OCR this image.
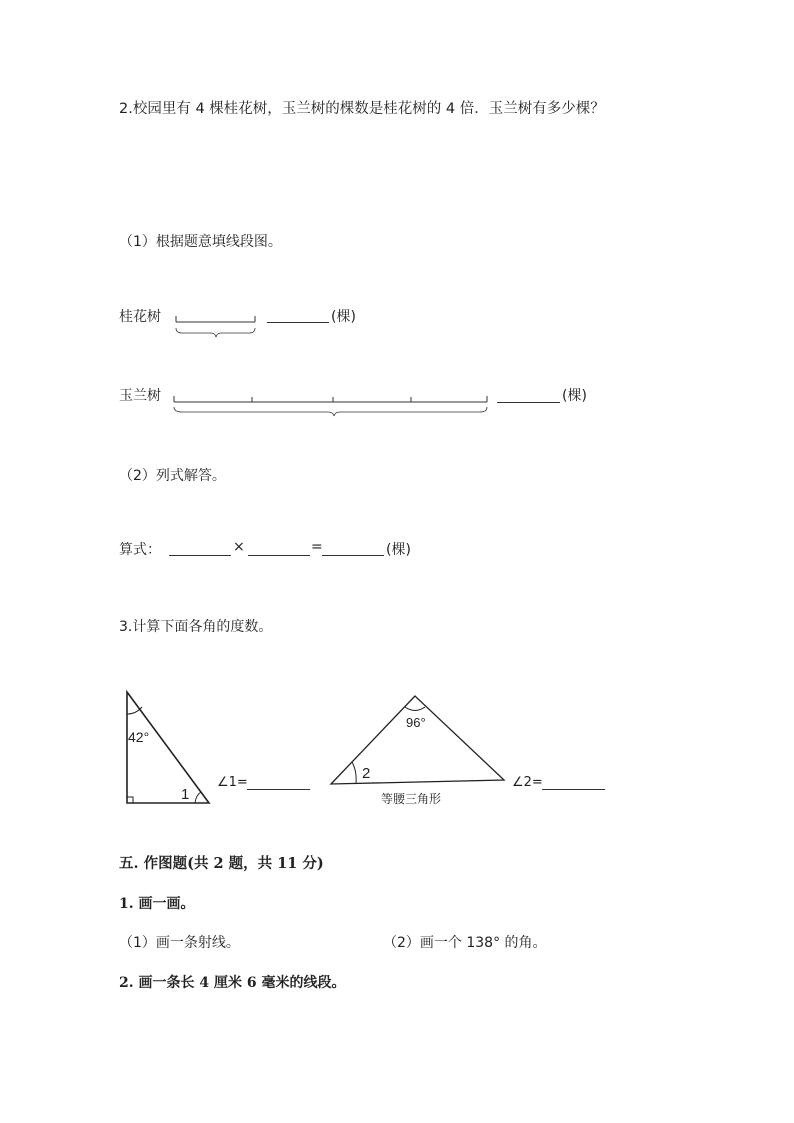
2.校园里有 4 棵桂花树，玉兰树的棵数是桂花树的 4 倍．玉兰树有多少棵？
（1）根据题意填线段图。
桂花树	(棵)
玉兰树	(棵)
（2）列式解答。
算式：	×	=	(棵)
3.计算下面各角的度数。
42°
1
∠1=
96°
2
等腰三角形
∠2=
五. 作图题(共 2 题，共 11 分)
1. 画一画。
（1）画一条射线。	（2）画一个 138° 的角。
2. 画一条长 4 厘米 6 毫米的线段。
